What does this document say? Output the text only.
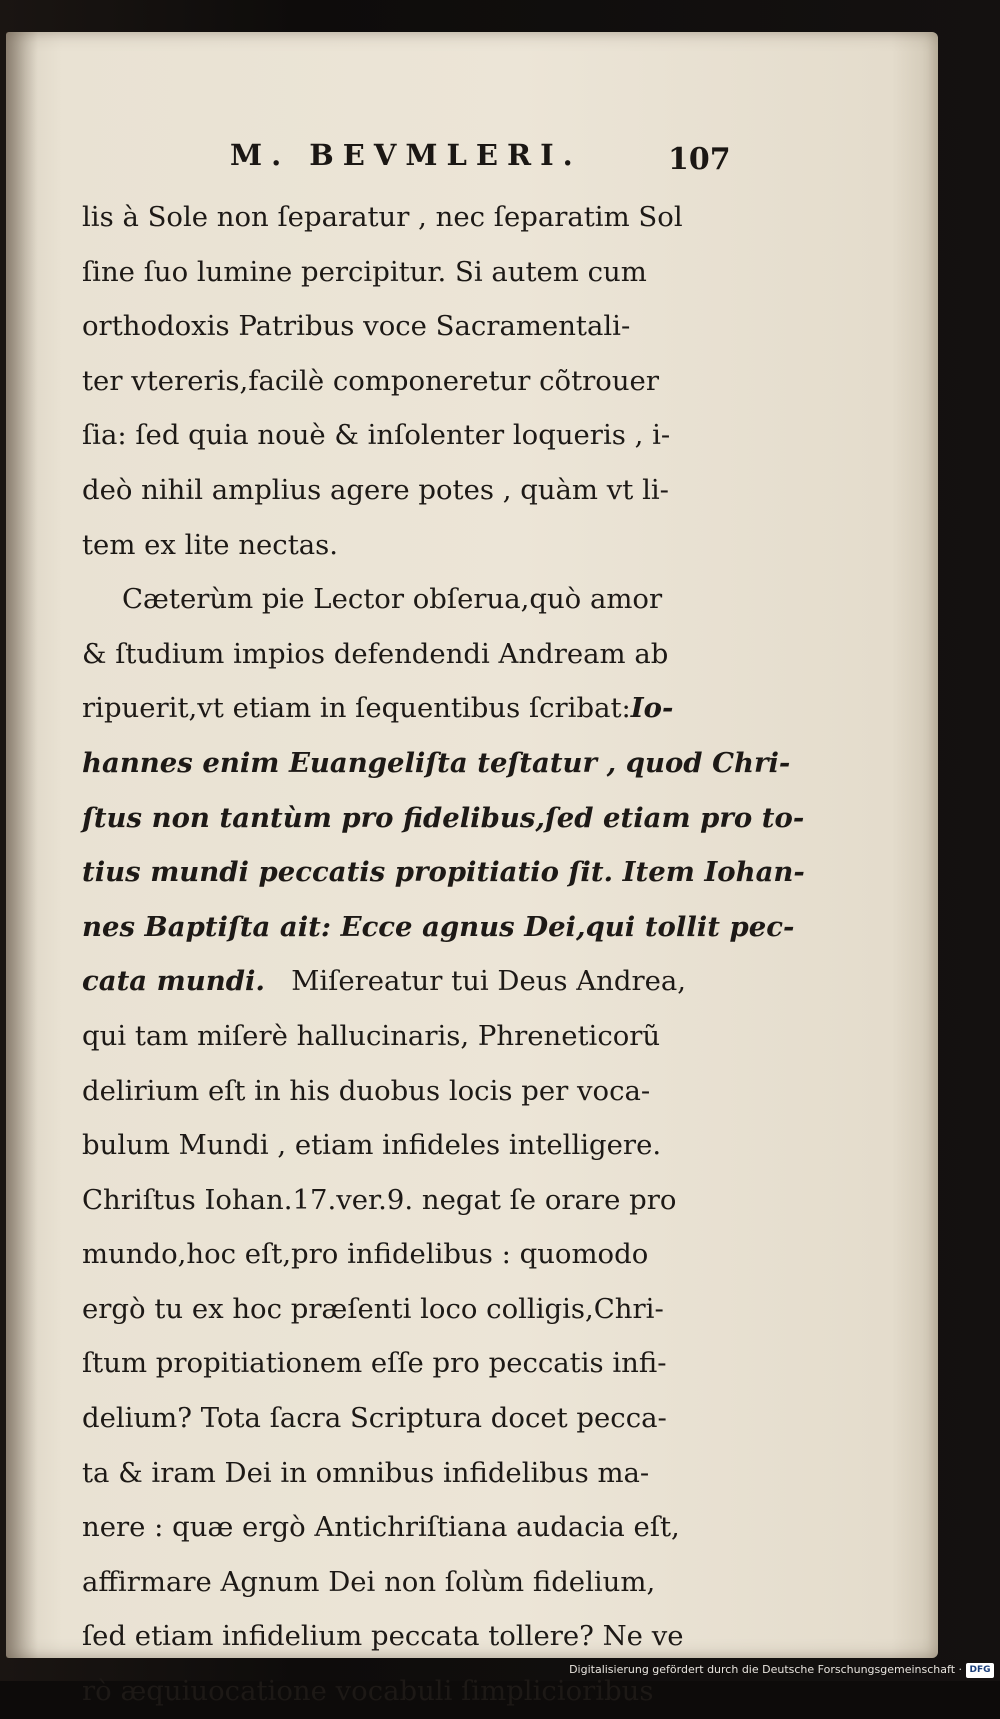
M. BEVMLERI.	107
lis à Sole non ſeparatur , nec ſeparatim Sol
ſine ſuo lumine percipitur. Si autem cum
orthodoxis Patribus voce Sacramentali-
ter vtereris,facilè componeretur cõtrouer
ſia: ſed quia nouè & inſolenter loqueris , i-
deò nihil amplius agere potes , quàm vt li-
tem ex lite nectas.
Cæterùm pie Lector obſerua,quò amor
& ſtudium impios defendendi Andream ab
ripuerit,vt etiam in ſequentibus ſcribat:Io-
hannes enim Euangeliſta teſtatur , quod Chri-
ſtus non tantùm pro fidelibus,ſed etiam pro to-
tius mundi peccatis propitiatio ſit. Item Iohan-
nes Baptiſta ait: Ecce agnus Dei,qui tollit pec-
cata mundi.   Miſereatur tui Deus Andrea,
qui tam miſerè hallucinaris, Phreneticorũ
delirium eſt in his duobus locis per voca-
bulum Mundi , etiam infideles intelligere.
Chriſtus Iohan.17.ver.9. negat ſe orare pro
mundo,hoc eſt,pro infidelibus : quomodo
ergò tu ex hoc præſenti loco colligis,Chri-
ſtum propitiationem eſſe pro peccatis infi-
delium? Tota ſacra Scriptura docet pecca-
ta & iram Dei in omnibus infidelibus ma-
nere : quæ ergò Antichriſtiana audacia eſt,
affirmare Agnum Dei non ſolùm fidelium,
ſed etiam infidelium peccata tollere? Ne ve
rò æquiuocatione vocabuli ſimplicioribus
Digitalisierung gefördert durch die Deutsche Forschungsgemeinschaft · DFG
